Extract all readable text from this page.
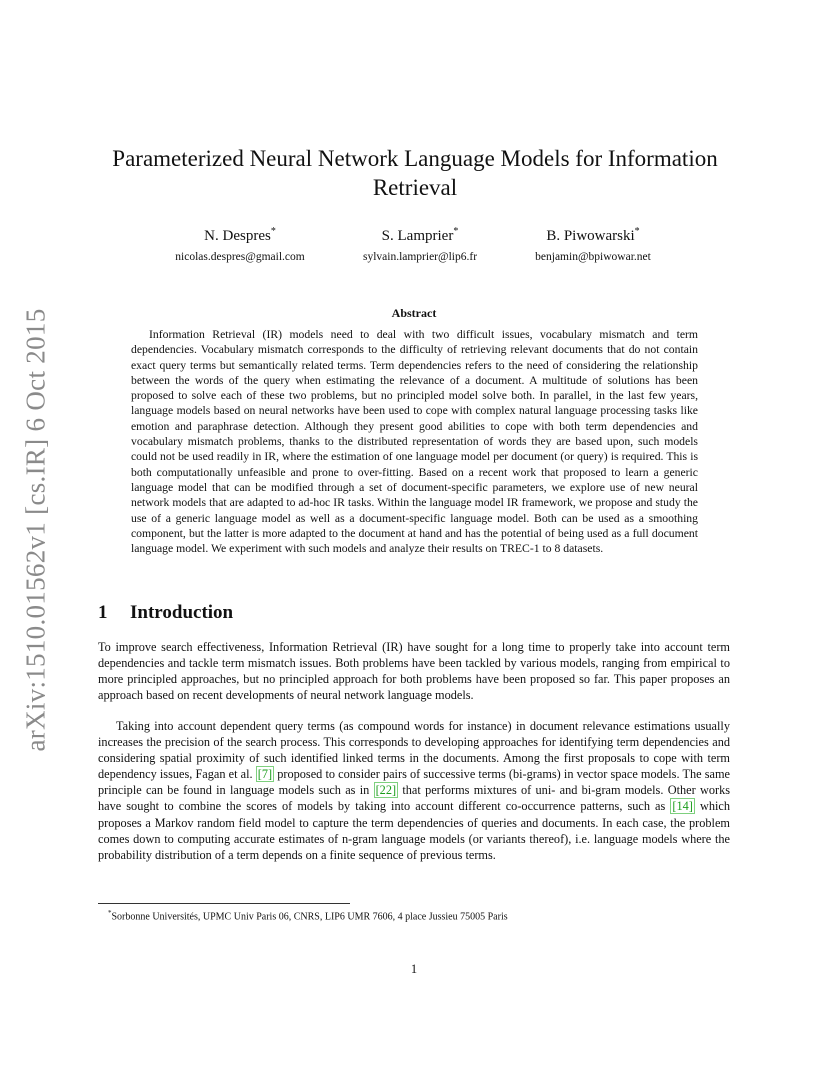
arXiv:1510.01562v1 [cs.IR] 6 Oct 2015
Parameterized Neural Network Language Models for Information Retrieval
N. Despres*
nicolas.despres@gmail.com
S. Lamprier*
sylvain.lamprier@lip6.fr
B. Piwowarski*
benjamin@bpiwowar.net
Abstract

Information Retrieval (IR) models need to deal with two difficult issues, vocabulary mismatch and term dependencies. Vocabulary mismatch corresponds to the difficulty of retrieving relevant documents that do not contain exact query terms but semantically related terms. Term dependencies refers to the need of considering the relationship between the words of the query when estimating the relevance of a document. A multitude of solutions has been proposed to solve each of these two problems, but no principled model solve both. In parallel, in the last few years, language models based on neural networks have been used to cope with complex natural language processing tasks like emotion and paraphrase detection. Although they present good abilities to cope with both term dependencies and vocabulary mismatch problems, thanks to the distributed representation of words they are based upon, such models could not be used readily in IR, where the estimation of one language model per document (or query) is required. This is both computationally unfeasible and prone to over-fitting. Based on a recent work that proposed to learn a generic language model that can be modified through a set of document-specific parameters, we explore use of new neural network models that are adapted to ad-hoc IR tasks. Within the language model IR framework, we propose and study the use of a generic language model as well as a document-specific language model. Both can be used as a smoothing component, but the latter is more adapted to the document at hand and has the potential of being used as a full document language model. We experiment with such models and analyze their results on TREC-1 to 8 datasets.

1 Introduction

To improve search effectiveness, Information Retrieval (IR) have sought for a long time to properly take into account term dependencies and tackle term mismatch issues. Both problems have been tackled by various models, ranging from empirical to more principled approaches, but no principled approach for both problems have been proposed so far. This paper proposes an approach based on recent developments of neural network language models.

Taking into account dependent query terms (as compound words for instance) in document relevance estimations usually increases the precision of the search process. This corresponds to developing approaches for identifying term dependencies and considering spatial proximity of such identified linked terms in the documents. Among the first proposals to cope with term dependency issues, Fagan et al. [7] proposed to consider pairs of successive terms (bi-grams) in vector space models. The same principle can be found in language models such as in [22] that performs mixtures of uni- and bi-gram models. Other works have sought to combine the scores of models by taking into account different co-occurrence patterns, such as [14] which proposes a Markov random field model to capture the term dependencies of queries and documents. In each case, the problem comes down to computing accurate estimates of n-gram language models (or variants thereof), i.e. language models where the probability distribution of a term depends on a finite sequence of previous terms.

*Sorbonne Universités, UPMC Univ Paris 06, CNRS, LIP6 UMR 7606, 4 place Jussieu 75005 Paris
1
